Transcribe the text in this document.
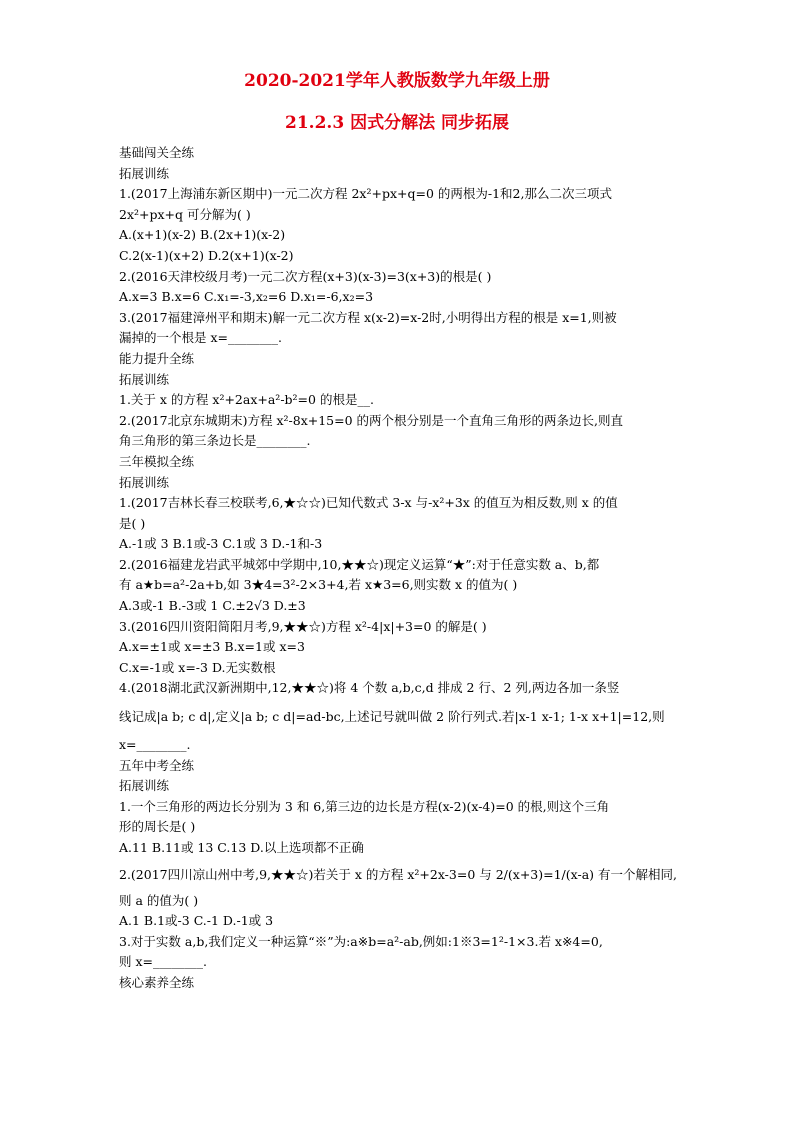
2020-2021学年人教版数学九年级上册
21.2.3 因式分解法 同步拓展
基础闯关全练
拓展训练
1.(2017上海浦东新区期中)一元二次方程 2x²+px+q=0 的两根为-1和2,那么二次三项式
2x²+px+q 可分解为( )
A.(x+1)(x-2) B.(2x+1)(x-2)
C.2(x-1)(x+2) D.2(x+1)(x-2)
2.(2016天津校级月考)一元二次方程(x+3)(x-3)=3(x+3)的根是( )
A.x=3 B.x=6 C.x₁=-3,x₂=6 D.x₁=-6,x₂=3
3.(2017福建漳州平和期末)解一元二次方程 x(x-2)=x-2时,小明得出方程的根是 x=1,则被
漏掉的一个根是 x=________.
能力提升全练
拓展训练
1.关于 x 的方程 x²+2ax+a²-b²=0 的根是__.
2.(2017北京东城期末)方程 x²-8x+15=0 的两个根分别是一个直角三角形的两条边长,则直
角三角形的第三条边长是________.
三年模拟全练
拓展训练
1.(2017吉林长春三校联考,6,★☆☆)已知代数式 3-x 与-x²+3x 的值互为相反数,则 x 的值
是( )
A.-1或 3 B.1或-3 C.1或 3 D.-1和-3
2.(2016福建龙岩武平城郊中学期中,10,★★☆)现定义运算“★”:对于任意实数 a、b,都
有 a★b=a²-2a+b,如 3★4=3²-2×3+4,若 x★3=6,则实数 x 的值为( )
A.3或-1 B.-3或 1 C.±2√3 D.±3
3.(2016四川资阳简阳月考,9,★★☆)方程 x²-4|x|+3=0 的解是( )
A.x=±1或 x=±3 B.x=1或 x=3
C.x=-1或 x=-3 D.无实数根
4.(2018湖北武汉新洲期中,12,★★☆)将 4 个数 a,b,c,d 排成 2 行、2 列,两边各加一条竖
线记成|a b; c d|,定义|a b; c d|=ad-bc,上述记号就叫做 2 阶行列式.若|x-1 x-1; 1-x x+1|=12,则
x=________.
五年中考全练
拓展训练
1.一个三角形的两边长分别为 3 和 6,第三边的边长是方程(x-2)(x-4)=0 的根,则这个三角
形的周长是( )
A.11 B.11或 13 C.13 D.以上选项都不正确
2.(2017四川凉山州中考,9,★★☆)若关于 x 的方程 x²+2x-3=0 与 2/(x+3)=1/(x-a) 有一个解相同,
则 a 的值为( )
A.1 B.1或-3 C.-1 D.-1或 3
3.对于实数 a,b,我们定义一种运算“※”为:a※b=a²-ab,例如:1※3=1²-1×3.若 x※4=0,
则 x=________.
核心素养全练
